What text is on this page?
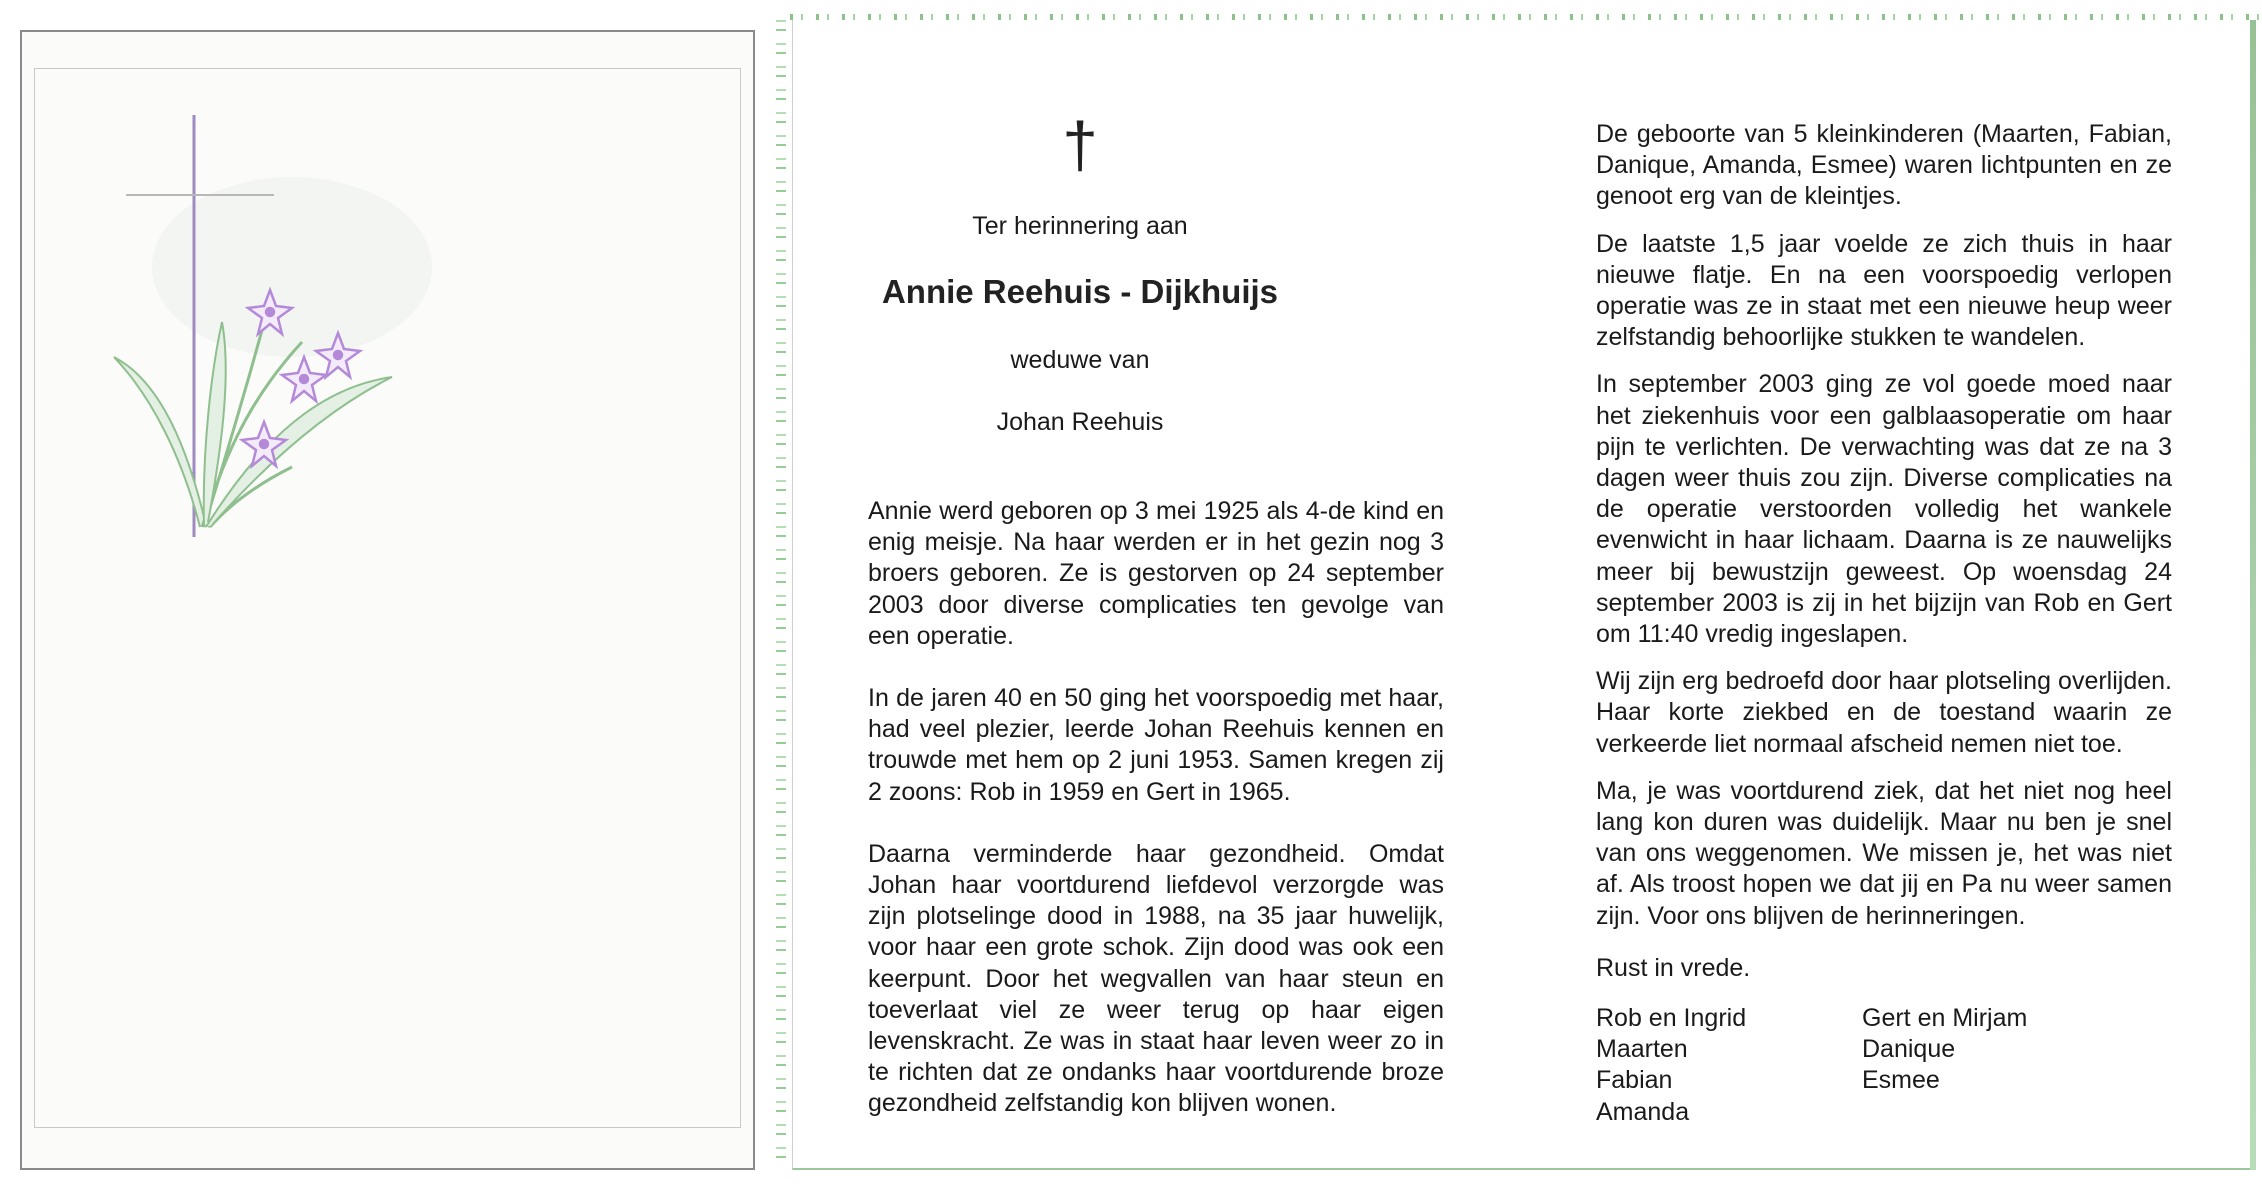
†
Ter herinnering aan
Annie Reehuis - Dijkhuijs
weduwe van
Johan Reehuis

Annie werd geboren op 3 mei 1925 als 4-de kind en enig meisje. Na haar werden er in het gezin nog 3 broers geboren. Ze is gestorven op 24 september 2003 door diverse complicaties ten gevolge van een operatie.

In de jaren 40 en 50 ging het voorspoedig met haar, had veel plezier, leerde Johan Reehuis kennen en trouwde met hem op 2 juni 1953. Samen kregen zij 2 zoons: Rob in 1959 en Gert in 1965.

Daarna verminderde haar gezondheid. Omdat Johan haar voortdurend liefdevol verzorgde was zijn plotselinge dood in 1988, na 35 jaar huwelijk, voor haar een grote schok. Zijn dood was ook een keerpunt. Door het wegvallen van haar steun en toeverlaat viel ze weer terug op haar eigen levenskracht. Ze was in staat haar leven weer zo in te richten dat ze ondanks haar voortdurende broze gezondheid zelfstandig kon blijven wonen.

De geboorte van 5 kleinkinderen (Maarten, Fabian, Danique, Amanda, Esmee) waren lichtpunten en ze genoot erg van de kleintjes.

De laatste 1,5 jaar voelde ze zich thuis in haar nieuwe flatje. En na een voorspoedig verlopen operatie was ze in staat met een nieuwe heup weer zelfstandig behoorlijke stukken te wandelen.

In september 2003 ging ze vol goede moed naar het ziekenhuis voor een galblaasoperatie om haar pijn te verlichten. De verwachting was dat ze na 3 dagen weer thuis zou zijn. Diverse complicaties na de operatie verstoorden volledig het wankele evenwicht in haar lichaam. Daarna is ze nauwelijks meer bij bewustzijn geweest. Op woensdag 24 september 2003 is zij in het bijzijn van Rob en Gert om 11:40 vredig ingeslapen.

Wij zijn erg bedroefd door haar plotseling overlijden. Haar korte ziekbed en de toestand waarin ze verkeerde liet normaal afscheid nemen niet toe.

Ma, je was voortdurend ziek, dat het niet nog heel lang kon duren was duidelijk. Maar nu ben je snel van ons weggenomen. We missen je, het was niet af. Als troost hopen we dat jij en Pa nu weer samen zijn. Voor ons blijven de herinneringen.

Rust in vrede.
Rob en Ingrid
Maarten
Fabian
Amanda
Gert en Mirjam
Danique
Esmee
